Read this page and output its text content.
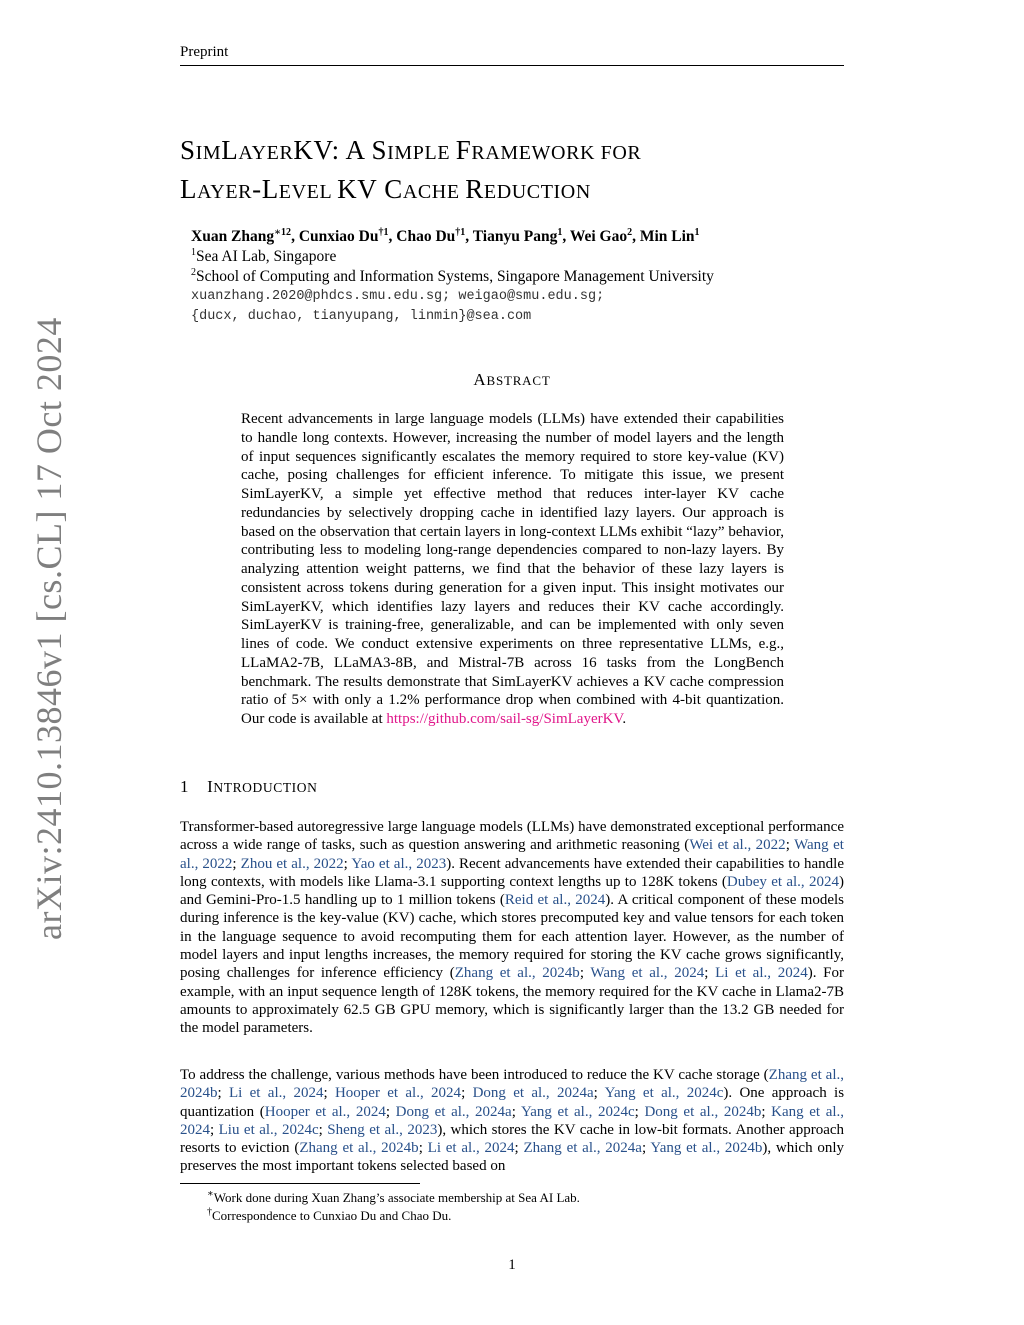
Preprint
arXiv:2410.13846v1 [cs.CL] 17 Oct 2024
SIMLAYERKV: A SIMPLE FRAMEWORK FOR
LAYER-LEVEL KV CACHE REDUCTION
Xuan Zhang$^{∗12}$, Cunxiao Du$^{\dagger 1}$, Chao Du$^{\dagger 1}$, Tianyu Pang$^1$, Wei Gao$^2$, Min Lin$^1$
$^1$Sea AI Lab, Singapore
$^2$School of Computing and Information Systems, Singapore Management University
xuanzhang.2020@phdcs.smu.edu.sg; weigao@smu.edu.sg;
{ducx, duchao, tianyupang, linmin}@sea.com
ABSTRACT
Recent advancements in large language models (LLMs) have extended their capabilities to handle long contexts. However, increasing the number of model layers and the length of input sequences significantly escalates the memory required to store key-value (KV) cache, posing challenges for efficient inference. To mitigate this issue, we present SimLayerKV, a simple yet effective method that reduces inter-layer KV cache redundancies by selectively dropping cache in identified lazy layers. Our approach is based on the observation that certain layers in long-context LLMs exhibit “lazy” behavior, contributing less to modeling long-range dependencies compared to non-lazy layers. By analyzing attention weight patterns, we find that the behavior of these lazy layers is consistent across tokens during generation for a given input. This insight motivates our SimLayerKV, which identifies lazy layers and reduces their KV cache accordingly. SimLayerKV is training-free, generalizable, and can be implemented with only seven lines of code. We conduct extensive experiments on three representative LLMs, e.g., LLaMA2-7B, LLaMA3-8B, and Mistral-7B across 16 tasks from the LongBench benchmark. The results demonstrate that SimLayerKV achieves a KV cache compression ratio of 5× with only a 1.2% performance drop when combined with 4-bit quantization. Our code is available at https://github.com/sail-sg/SimLayerKV.
1 INTRODUCTION
Transformer-based autoregressive large language models (LLMs) have demonstrated exceptional performance across a wide range of tasks, such as question answering and arithmetic reasoning (Wei et al., 2022; Wang et al., 2022; Zhou et al., 2022; Yao et al., 2023). Recent advancements have extended their capabilities to handle long contexts, with models like Llama-3.1 supporting context lengths up to 128K tokens (Dubey et al., 2024) and Gemini-Pro-1.5 handling up to 1 million tokens (Reid et al., 2024). A critical component of these models during inference is the key-value (KV) cache, which stores precomputed key and value tensors for each token in the language sequence to avoid recomputing them for each attention layer. However, as the number of model layers and input lengths increases, the memory required for storing the KV cache grows significantly, posing challenges for inference efficiency (Zhang et al., 2024b; Wang et al., 2024; Li et al., 2024). For example, with an input sequence length of 128K tokens, the memory required for the KV cache in Llama2-7B amounts to approximately 62.5 GB GPU memory, which is significantly larger than the 13.2 GB needed for the model parameters.
To address the challenge, various methods have been introduced to reduce the KV cache storage (Zhang et al., 2024b; Li et al., 2024; Hooper et al., 2024; Dong et al., 2024a; Yang et al., 2024c). One approach is quantization (Hooper et al., 2024; Dong et al., 2024a; Yang et al., 2024c; Dong et al., 2024b; Kang et al., 2024; Liu et al., 2024c; Sheng et al., 2023), which stores the KV cache in low-bit formats. Another approach resorts to eviction (Zhang et al., 2024b; Li et al., 2024; Zhang et al., 2024a; Yang et al., 2024b), which only preserves the most important tokens selected based on
∗Work done during Xuan Zhang’s associate membership at Sea AI Lab.
†Correspondence to Cunxiao Du and Chao Du.
1
